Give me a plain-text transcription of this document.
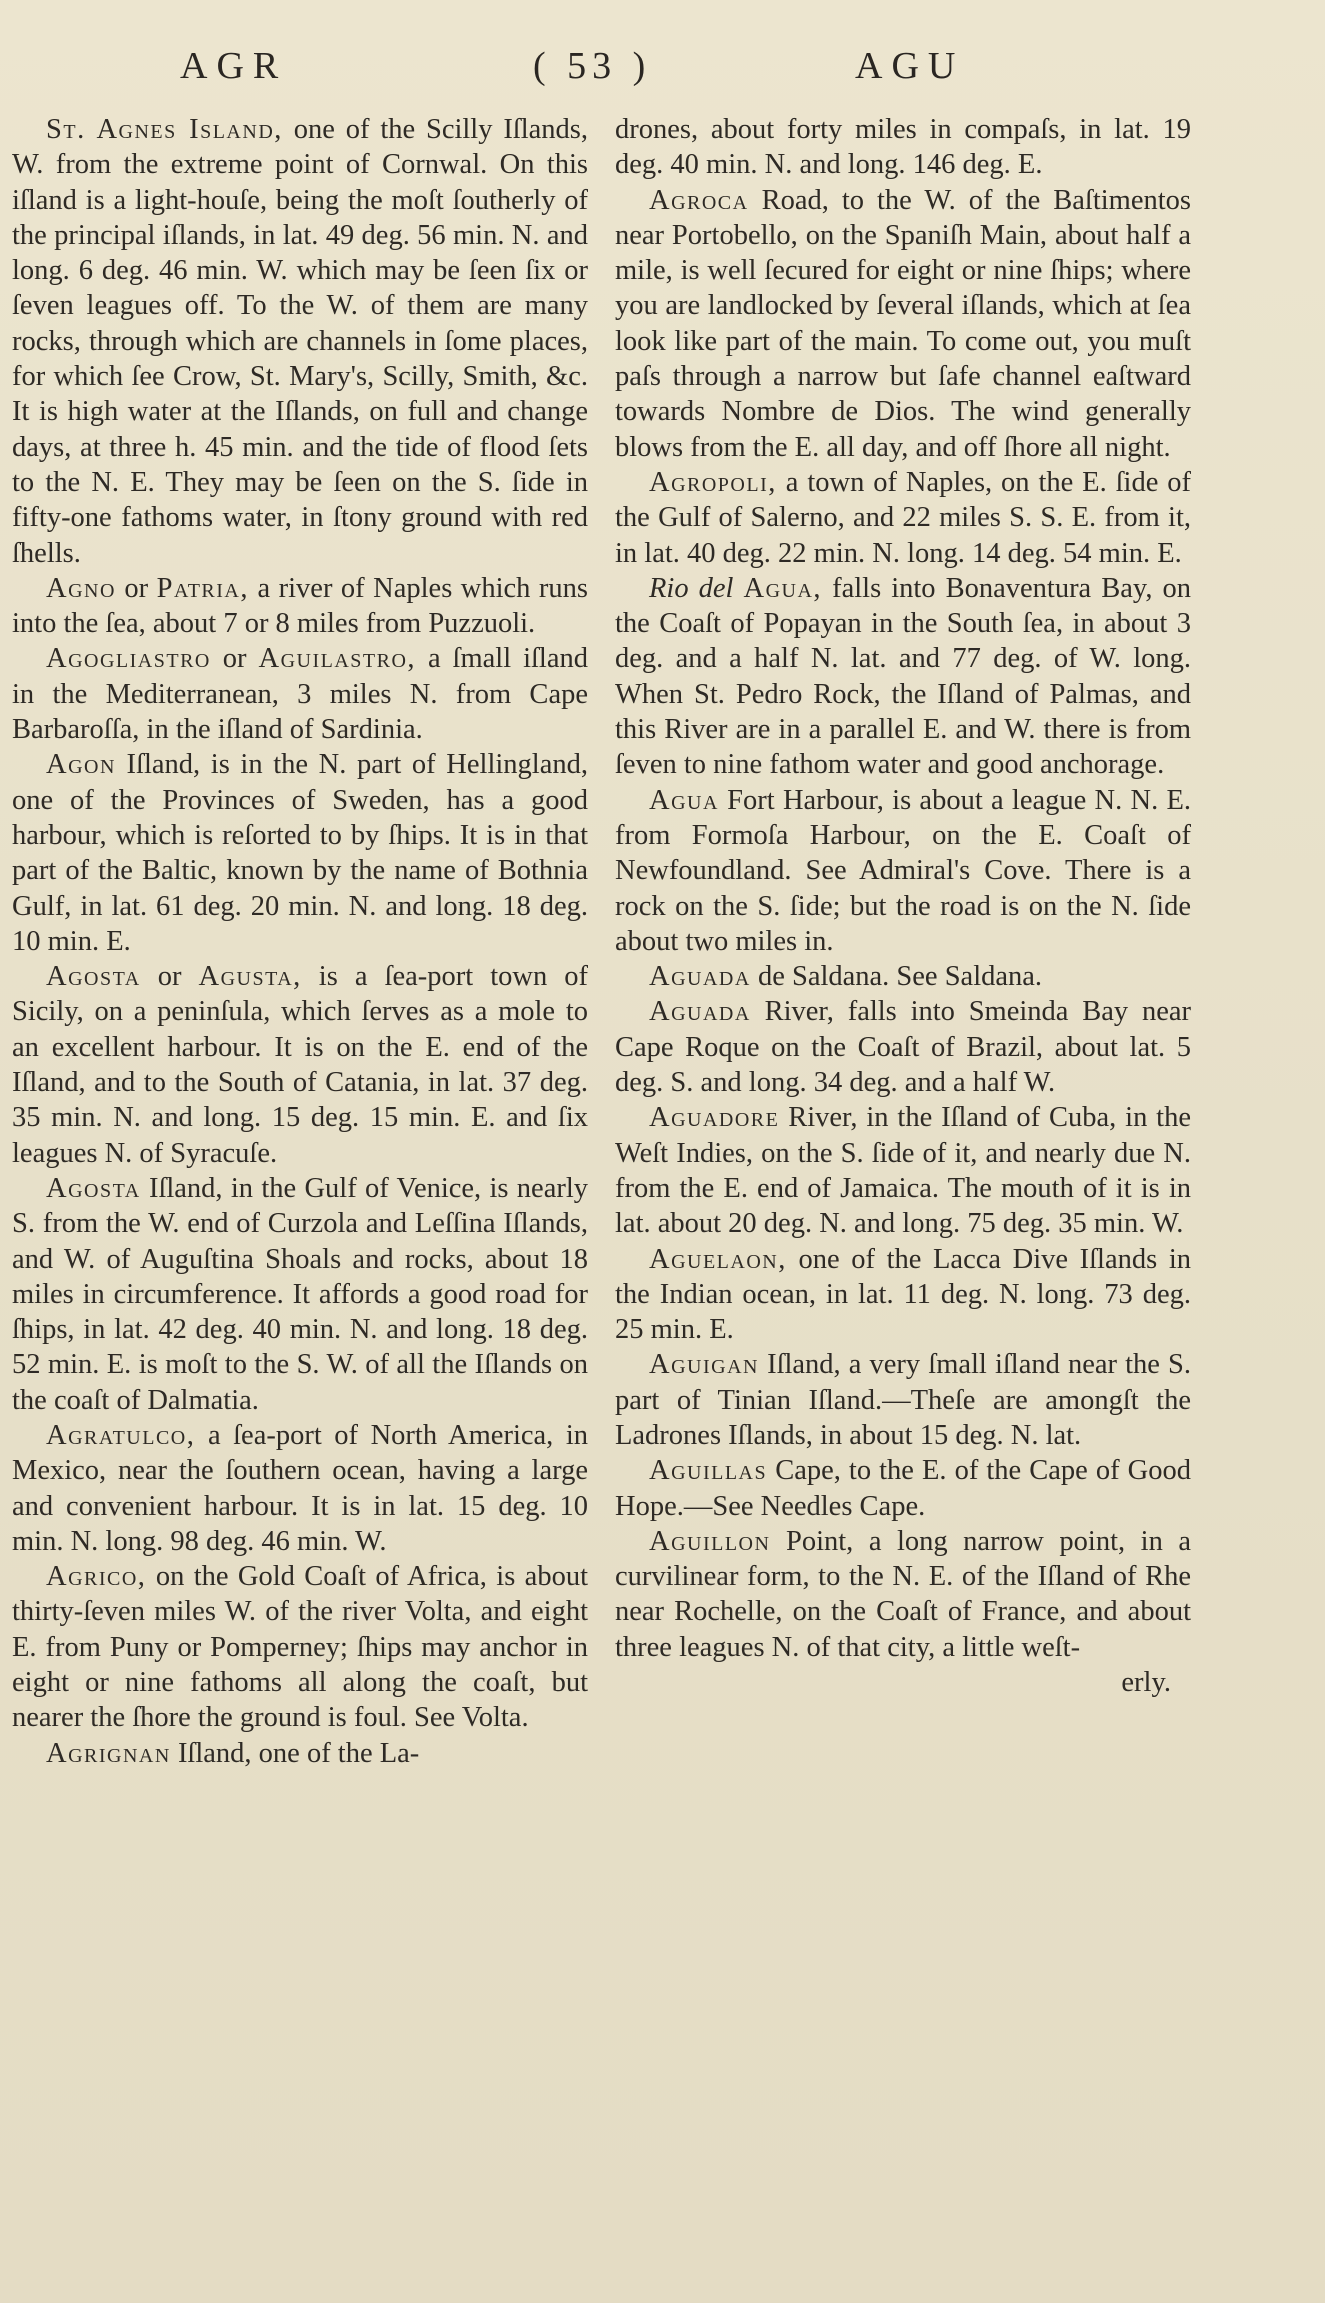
AGR	( 53 )	AGU

St. Agnes Island, one of the Scilly Iſlands, W. from the extreme point of Cornwal. On this iſland is a light-houſe, being the moſt ſoutherly of the principal iſlands, in lat. 49 deg. 56 min. N. and long. 6 deg. 46 min. W. which may be ſeen ſix or ſeven leagues off. To the W. of them are many rocks, through which are channels in ſome places, for which ſee Crow, St. Mary's, Scilly, Smith, &c. It is high water at the Iſlands, on full and change days, at three h. 45 min. and the tide of flood ſets to the N. E. They may be ſeen on the S. ſide in fifty-one fathoms water, in ſtony ground with red ſhells.

Agno or Patria, a river of Naples which runs into the ſea, about 7 or 8 miles from Puzzuoli.

Agogliastro or Aguilastro, a ſmall iſland in the Mediterranean, 3 miles N. from Cape Barbaroſſa, in the iſland of Sardinia.

Agon Iſland, is in the N. part of Hellingland, one of the Provinces of Sweden, has a good harbour, which is reſorted to by ſhips. It is in that part of the Baltic, known by the name of Bothnia Gulf, in lat. 61 deg. 20 min. N. and long. 18 deg. 10 min. E.

Agosta or Agusta, is a ſea-port town of Sicily, on a peninſula, which ſerves as a mole to an excellent harbour. It is on the E. end of the Iſland, and to the South of Catania, in lat. 37 deg. 35 min. N. and long. 15 deg. 15 min. E. and ſix leagues N. of Syracuſe.

Agosta Iſland, in the Gulf of Venice, is nearly S. from the W. end of Curzola and Leſſina Iſlands, and W. of Auguſtina Shoals and rocks, about 18 miles in circumference. It affords a good road for ſhips, in lat. 42 deg. 40 min. N. and long. 18 deg. 52 min. E. is moſt to the S. W. of all the Iſlands on the coaſt of Dalmatia.

Agratulco, a ſea-port of North America, in Mexico, near the ſouthern ocean, having a large and convenient harbour. It is in lat. 15 deg. 10 min. N. long. 98 deg. 46 min. W.

Agrico, on the Gold Coaſt of Africa, is about thirty-ſeven miles W. of the river Volta, and eight E. from Puny or Pomperney; ſhips may anchor in eight or nine fathoms all along the coaſt, but nearer the ſhore the ground is foul. See Volta.

Agrignan Iſland, one of the La-

drones, about forty miles in compaſs, in lat. 19 deg. 40 min. N. and long. 146 deg. E.

Agroca Road, to the W. of the Baſtimentos near Portobello, on the Spaniſh Main, about half a mile, is well ſecured for eight or nine ſhips; where you are landlocked by ſeveral iſlands, which at ſea look like part of the main. To come out, you muſt paſs through a narrow but ſafe channel eaſtward towards Nombre de Dios. The wind generally blows from the E. all day, and off ſhore all night.

Agropoli, a town of Naples, on the E. ſide of the Gulf of Salerno, and 22 miles S. S. E. from it, in lat. 40 deg. 22 min. N. long. 14 deg. 54 min. E.

Rio del Agua, falls into Bonaventura Bay, on the Coaſt of Popayan in the South ſea, in about 3 deg. and a half N. lat. and 77 deg. of W. long. When St. Pedro Rock, the Iſland of Palmas, and this River are in a parallel E. and W. there is from ſeven to nine fathom water and good anchorage.

Agua Fort Harbour, is about a league N. N. E. from Formoſa Harbour, on the E. Coaſt of Newfoundland. See Admiral's Cove. There is a rock on the S. ſide; but the road is on the N. ſide about two miles in.

Aguada de Saldana. See Saldana.

Aguada River, falls into Smeinda Bay near Cape Roque on the Coaſt of Brazil, about lat. 5 deg. S. and long. 34 deg. and a half W.

Aguadore River, in the Iſland of Cuba, in the Weſt Indies, on the S. ſide of it, and nearly due N. from the E. end of Jamaica. The mouth of it is in lat. about 20 deg. N. and long. 75 deg. 35 min. W.

Aguelaon, one of the Lacca Dive Iſlands in the Indian ocean, in lat. 11 deg. N. long. 73 deg. 25 min. E.

Aguigan Iſland, a very ſmall iſland near the S. part of Tinian Iſland.—Theſe are amongſt the Ladrones Iſlands, in about 15 deg. N. lat.

Aguillas Cape, to the E. of the Cape of Good Hope.—See Needles Cape.

Aguillon Point, a long narrow point, in a curvilinear form, to the N. E. of the Iſland of Rhe near Rochelle, on the Coaſt of France, and about three leagues N. of that city, a little weſt-

erly.
